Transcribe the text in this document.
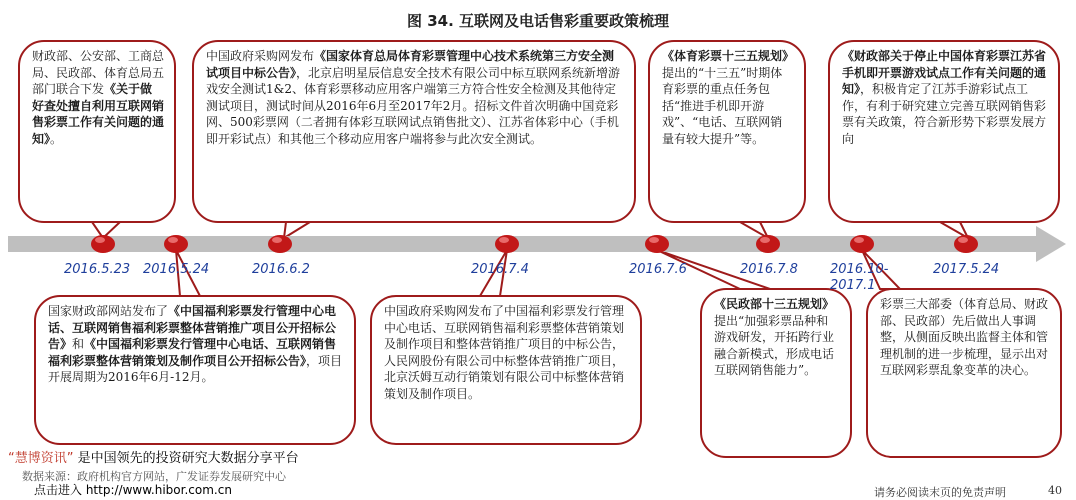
图 34. 互联网及电话售彩重要政策梳理
财政部、公安部、工商总局、民政部、体育总局五部门联合下发《关于做好查处擅自利用互联网销售彩票工作有关问题的通知》。
中国政府采购网发布《国家体育总局体育彩票管理中心技术系统第三方安全测试项目中标公告》，北京启明星辰信息安全技术有限公司中标互联网系统新增游戏安全测试1&2、体育彩票移动应用客户端第三方符合性安全检测及其他待定测试项目，测试时间从2016年6月至2017年2月。招标文件首次明确中国竞彩网、500彩票网（二者拥有体彩互联网试点销售批文）、江苏省体彩中心（手机即开彩试点）和其他三个移动应用客户端将参与此次安全测试。
《体育彩票十三五规划》提出的“十三五”时期体育彩票的重点任务包括“推进手机即开游戏”、“电话、互联网销量有较大提升”等。
《财政部关于停止中国体育彩票江苏省手机即开票游戏试点工作有关问题的通知》，积极肯定了江苏手游彩试点工作，有利于研究建立完善互联网销售彩票有关政策，符合新形势下彩票发展方向
国家财政部网站发布了《中国福利彩票发行管理中心电话、互联网销售福利彩票整体营销推广项目公开招标公告》和《中国福利彩票发行管理中心电话、互联网销售福利彩票整体营销策划及制作项目公开招标公告》，项目开展周期为2016年6月-12月。
中国政府采购网发布了中国福利彩票发行管理中心电话、互联网销售福利彩票整体营销策划及制作项目和整体营销推广项目的中标公告，人民网股份有限公司中标整体营销推广项目，北京沃姆互动行销策划有限公司中标整体营销策划及制作项目。
《民政部十三五规划》提出“加强彩票品种和游戏研发，开拓跨行业融合新模式，形成电话互联网销售能力”。
彩票三大部委（体育总局、财政部、民政部）先后做出人事调整，从侧面反映出监督主体和管理机制的进一步梳理，显示出对互联网彩票乱象变革的决心。
2016.5.23 2016.5.24	2016.6.2	2016.7.4	2016.7.6	2016.7.8 2016.10-
2017.1
2017.5.24
“慧博资讯” 是中国领先的投资研究大数据分享平台
数据来源：政府机构官方网站，广发证券发展研究中心
点击进入 http://www.hibor.com.cn	请务必阅读末页的免责声明	40
